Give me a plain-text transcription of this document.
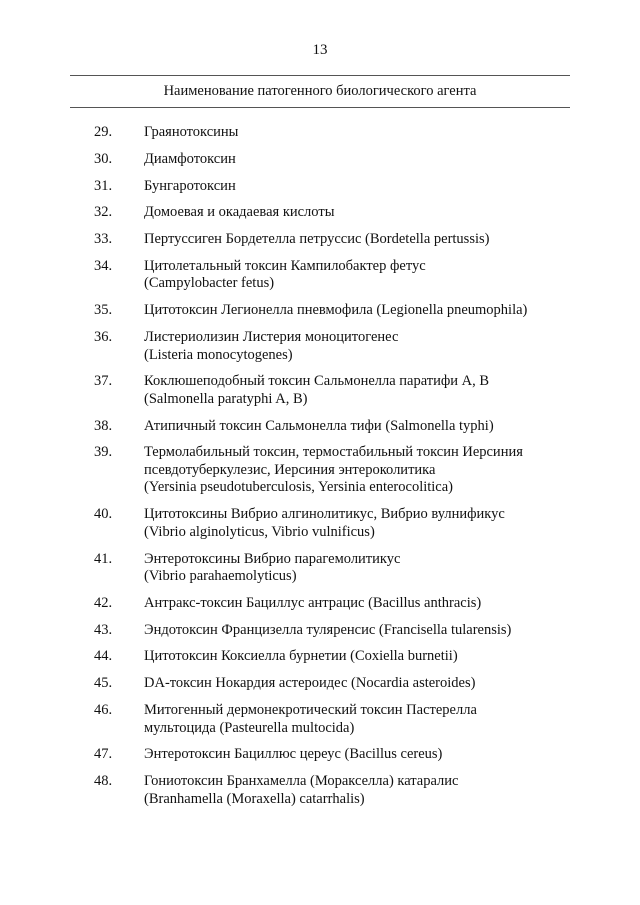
13
Наименование патогенного биологического агента
29.	Граянотоксины
30.	Диамфотоксин
31.	Бунгаротоксин
32.	Домоевая и окадаевая кислоты
33.	Пертуссиген Бордетелла петруссис (Bordetella pertussis)
34.	Цитолетальный токсин Кампилобактер фетус
(Campylobacter fetus)
35.	Цитотоксин Легионелла пневмофила (Legionella pneumophila)
36.	Листериолизин Листерия моноцитогенес
(Listeria monocytogenes)
37.	Коклюшеподобный токсин Сальмонелла паратифи А, В
(Salmonella paratyphi A, B)
38.	Атипичный токсин Сальмонелла тифи (Salmonella typhi)
39.	Термолабильный токсин, термостабильный токсин Иерсиния
псевдотуберкулезис, Иерсиния энтероколитика
(Yersinia pseudotuberculosis, Yersinia enterocolitica)
40.	Цитотоксины Вибрио алгинолитикус, Вибрио вулнификус
(Vibrio alginolyticus, Vibrio vulnificus)
41.	Энтеротоксины Вибрио парагемолитикус
(Vibrio parahaemolyticus)
42.	Антракс-токсин Бациллус антрацис (Bacillus anthracis)
43.	Эндотоксин Францизелла туляренсис (Francisella tularensis)
44.	Цитотоксин Коксиелла бурнетии (Coxiella burnetii)
45.	DA-токсин Нокардия астероидес (Nocardia asteroides)
46.	Митогенный дермонекротический токсин Пастерелла
мультоцида (Pasteurella multocida)
47.	Энтеротоксин Бациллюс цереус (Bacillus cereus)
48.	Гониотоксин Бранхамелла (Моракселла) катаралис
(Branhamella (Moraxella) catarrhalis)
